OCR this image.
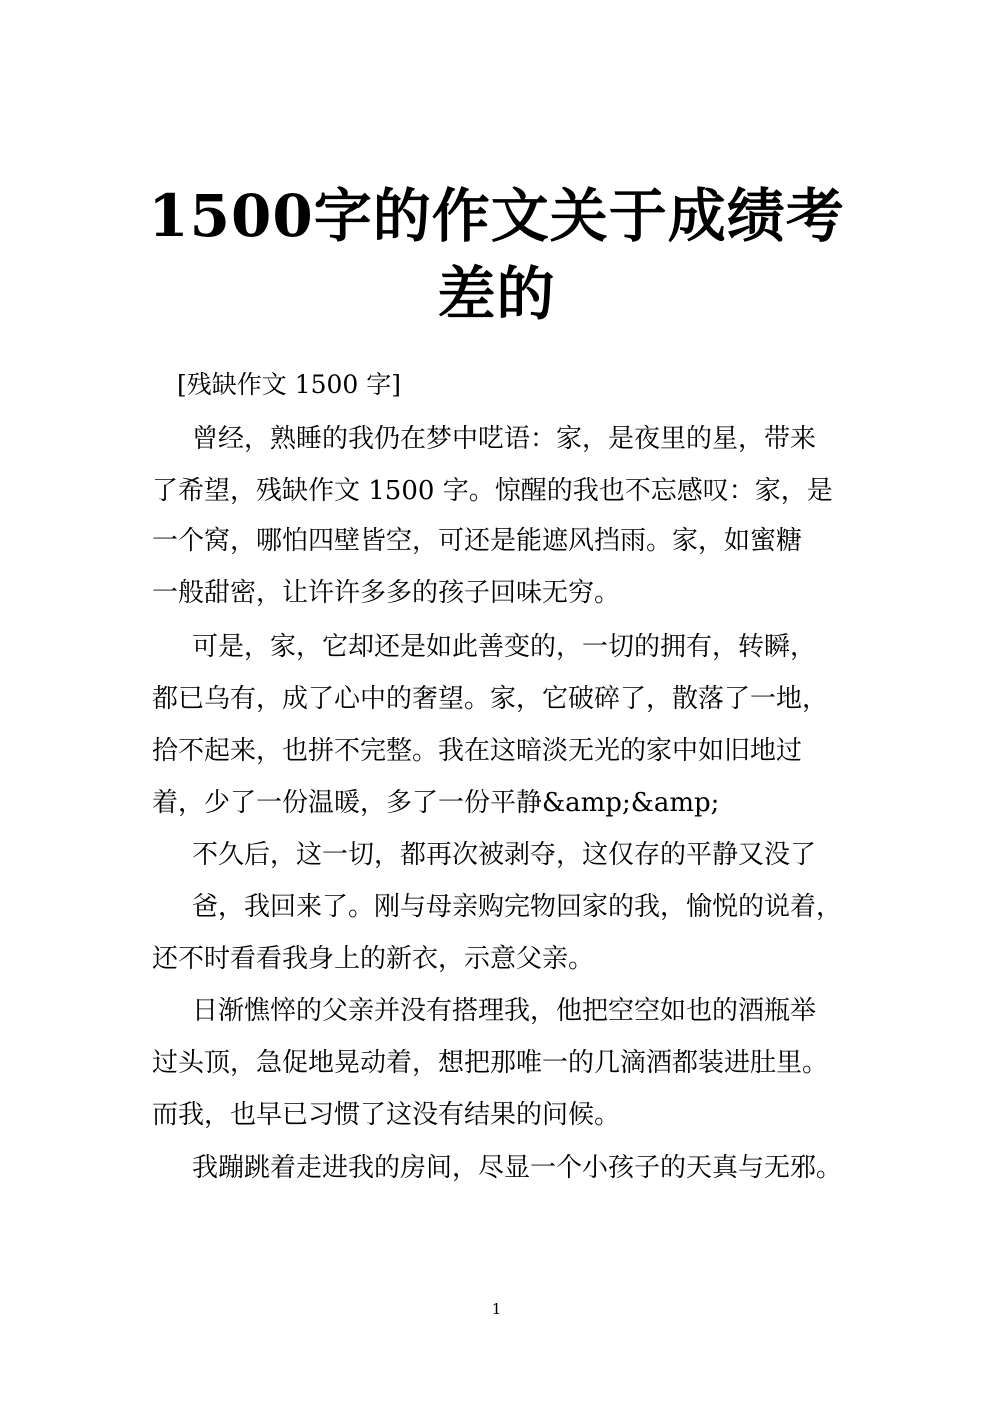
1500字的作文关于成绩考
差的
[残缺作文 1500 字]
曾经，熟睡的我仍在梦中呓语：家，是夜里的星，带来
了希望，残缺作文 1500 字。惊醒的我也不忘感叹：家，是
一个窝，哪怕四壁皆空，可还是能遮风挡雨。家，如蜜糖
一般甜密，让许许多多的孩子回味无穷。
可是，家，它却还是如此善变的，一切的拥有，转瞬，
都已乌有，成了心中的奢望。家，它破碎了，散落了一地，
拾不起来，也拼不完整。我在这暗淡无光的家中如旧地过
着，少了一份温暖，多了一份平静&amp;&amp;
不久后，这一切，都再次被剥夺，这仅存的平静又没了
爸，我回来了。刚与母亲购完物回家的我，愉悦的说着，
还不时看看我身上的新衣，示意父亲。
日渐憔悴的父亲并没有搭理我，他把空空如也的酒瓶举
过头顶，急促地晃动着，想把那唯一的几滴酒都装进肚里。
而我，也早已习惯了这没有结果的问候。
我蹦跳着走进我的房间，尽显一个小孩子的天真与无邪。
1
